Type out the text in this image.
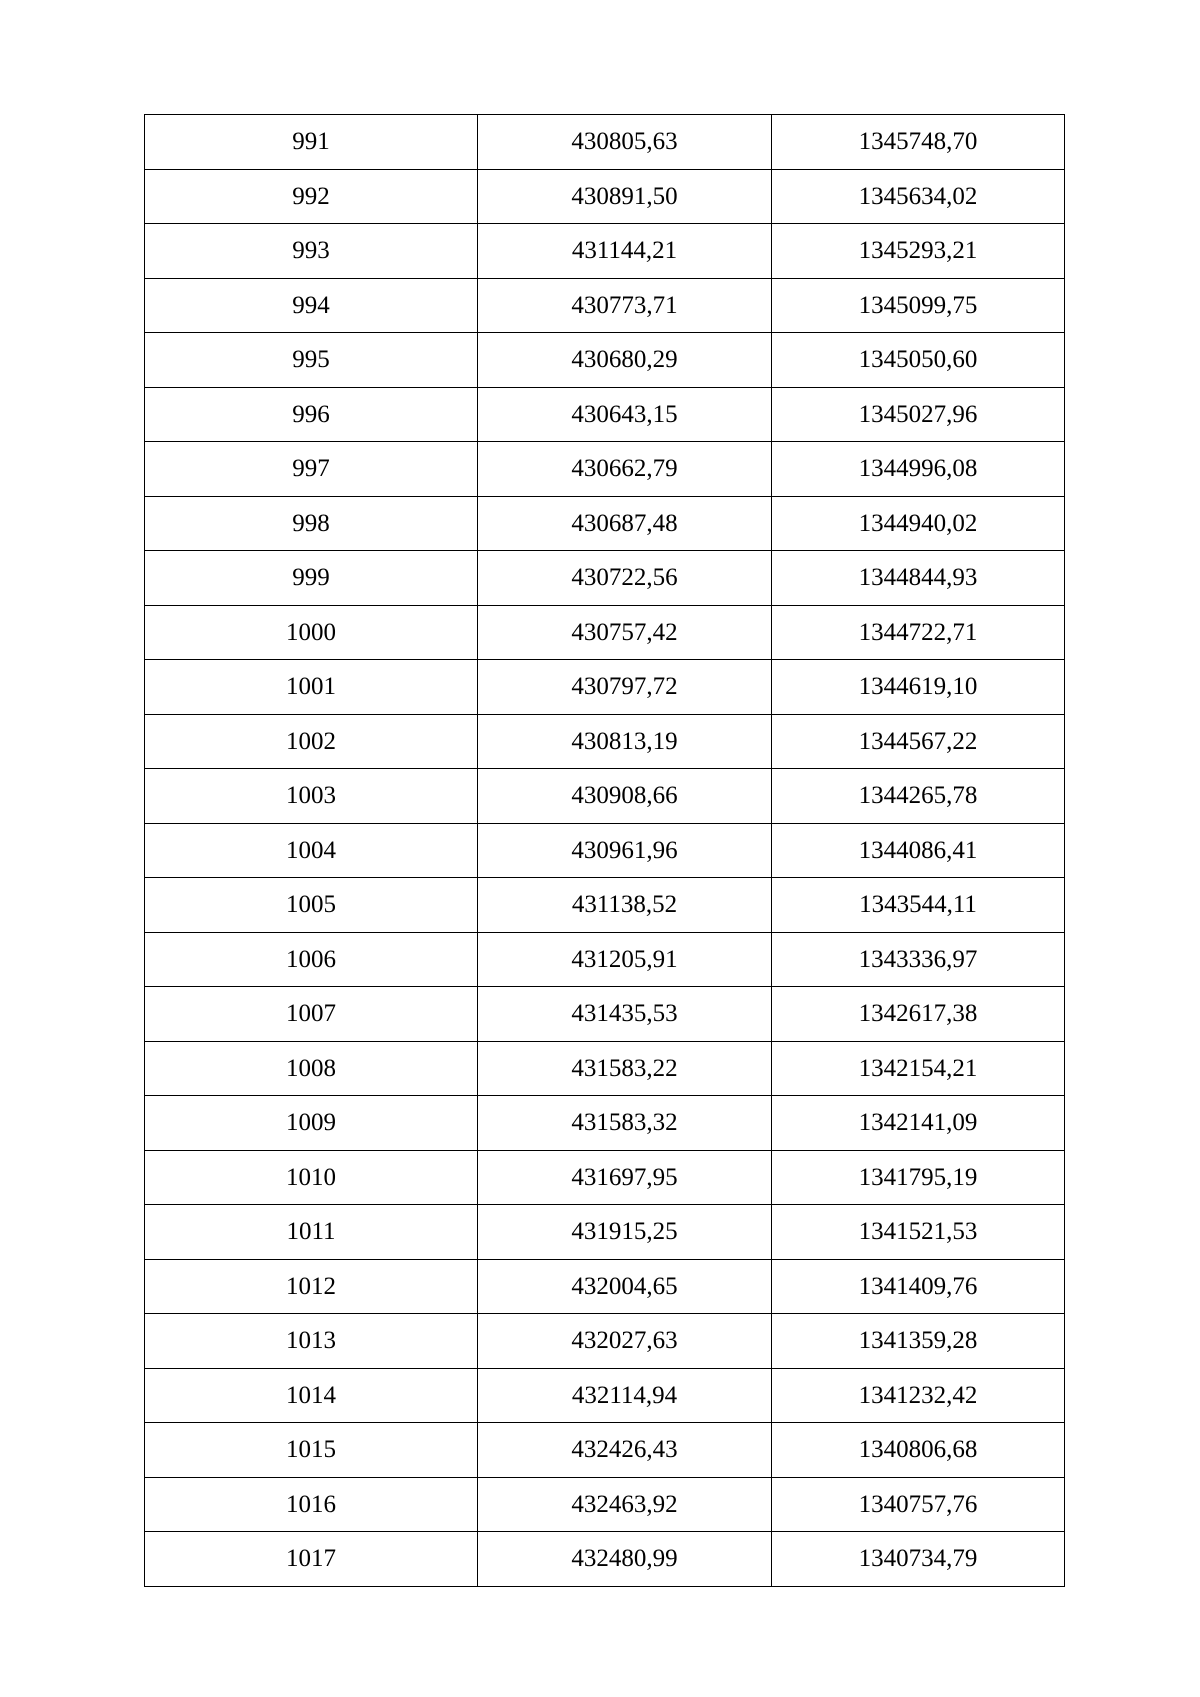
991	430805,63	1345748,70
992	430891,50	1345634,02
993	431144,21	1345293,21
994	430773,71	1345099,75
995	430680,29	1345050,60
996	430643,15	1345027,96
997	430662,79	1344996,08
998	430687,48	1344940,02
999	430722,56	1344844,93
1000	430757,42	1344722,71
1001	430797,72	1344619,10
1002	430813,19	1344567,22
1003	430908,66	1344265,78
1004	430961,96	1344086,41
1005	431138,52	1343544,11
1006	431205,91	1343336,97
1007	431435,53	1342617,38
1008	431583,22	1342154,21
1009	431583,32	1342141,09
1010	431697,95	1341795,19
1011	431915,25	1341521,53
1012	432004,65	1341409,76
1013	432027,63	1341359,28
1014	432114,94	1341232,42
1015	432426,43	1340806,68
1016	432463,92	1340757,76
1017	432480,99	1340734,79
